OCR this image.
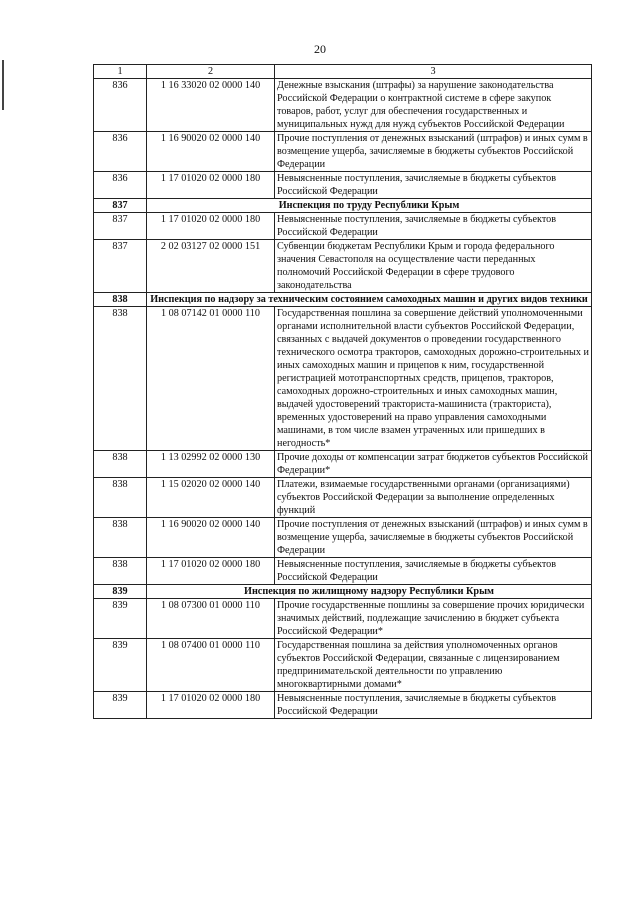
20
1	2	3
836	1 16 33020 02 0000 140	Денежные взыскания (штрафы) за нарушение законодательства Российской Федерации о контрактной системе в сфере закупок товаров, работ, услуг для обеспечения государственных и муниципальных нужд для нужд субъектов Российской Федерации
836	1 16 90020 02 0000 140	Прочие поступления от денежных взысканий (штрафов) и иных сумм в возмещение ущерба, зачисляемые в бюджеты субъектов Российской Федерации
836	1 17 01020 02 0000 180	Невыясненные поступления, зачисляемые в бюджеты субъектов Российской Федерации
837	Инспекция по труду Республики Крым	
837	1 17 01020 02 0000 180	Невыясненные поступления, зачисляемые в бюджеты субъектов Российской Федерации
837	2 02 03127 02 0000 151	Субвенции бюджетам Республики Крым и города федерального значения Севастополя на осуществление части переданных полномочий Российской Федерации в сфере трудового законодательства
838	Инспекция по надзору за техническим состоянием самоходных машин и других видов техники	
838	1 08 07142 01 0000 110	Государственная пошлина за совершение действий уполномоченными органами исполнительной власти субъектов Российской Федерации, связанных с выдачей документов о проведении государственного технического осмотра тракторов, самоходных дорожно-строительных и иных самоходных машин и прицепов к ним, государственной регистрацией мототранспортных средств, прицепов, тракторов, самоходных дорожно-строительных и иных самоходных машин, выдачей удостоверений тракториста-машиниста (тракториста), временных удостоверений на право управления самоходными машинами, в том числе взамен утраченных или пришедших в негодность*
838	1 13 02992 02 0000 130	Прочие доходы от компенсации затрат бюджетов субъектов Российской Федерации*
838	1 15 02020 02 0000 140	Платежи, взимаемые государственными органами (организациями) субъектов Российской Федерации за выполнение определенных функций
838	1 16 90020 02 0000 140	Прочие поступления от денежных взысканий (штрафов) и иных сумм в возмещение ущерба, зачисляемые в бюджеты субъектов Российской Федерации
838	1 17 01020 02 0000 180	Невыясненные поступления, зачисляемые в бюджеты субъектов Российской Федерации
839	Инспекция по жилищному надзору Республики Крым	
839	1 08 07300 01 0000 110	Прочие государственные пошлины за совершение прочих юридически значимых действий, подлежащие зачислению в бюджет субъекта Российской Федерации*
839	1 08 07400 01 0000 110	Государственная пошлина за действия уполномоченных органов субъектов Российской Федерации, связанные с лицензированием предпринимательской деятельности по управлению многоквартирными домами*
839	1 17 01020 02 0000 180	Невыясненные поступления, зачисляемые в бюджеты субъектов Российской Федерации
